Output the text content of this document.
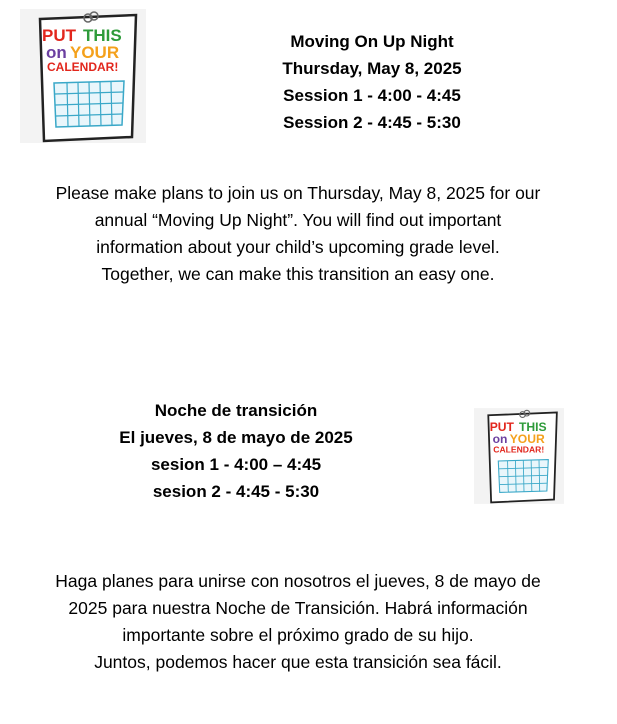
PUT THIS
on YOUR
CALENDAR!
Moving On Up Night
Thursday, May 8, 2025
Session 1 - 4:00 - 4:45
Session 2 - 4:45 - 5:30
Please make plans to join us on Thursday, May 8, 2025 for our
annual “Moving Up Night”. You will find out important
information about your child’s upcoming grade level.
Together, we can make this transition an easy one.
Noche de transición
El jueves, 8 de mayo de 2025
sesion 1 - 4:00 – 4:45
sesion 2 - 4:45 - 5:30
PUT THIS
on YOUR
CALENDAR!
Haga planes para unirse con nosotros el jueves, 8 de mayo de
2025 para nuestra Noche de Transición. Habrá información
importante sobre el próximo grado de su hijo.
Juntos, podemos hacer que esta transición sea fácil.
